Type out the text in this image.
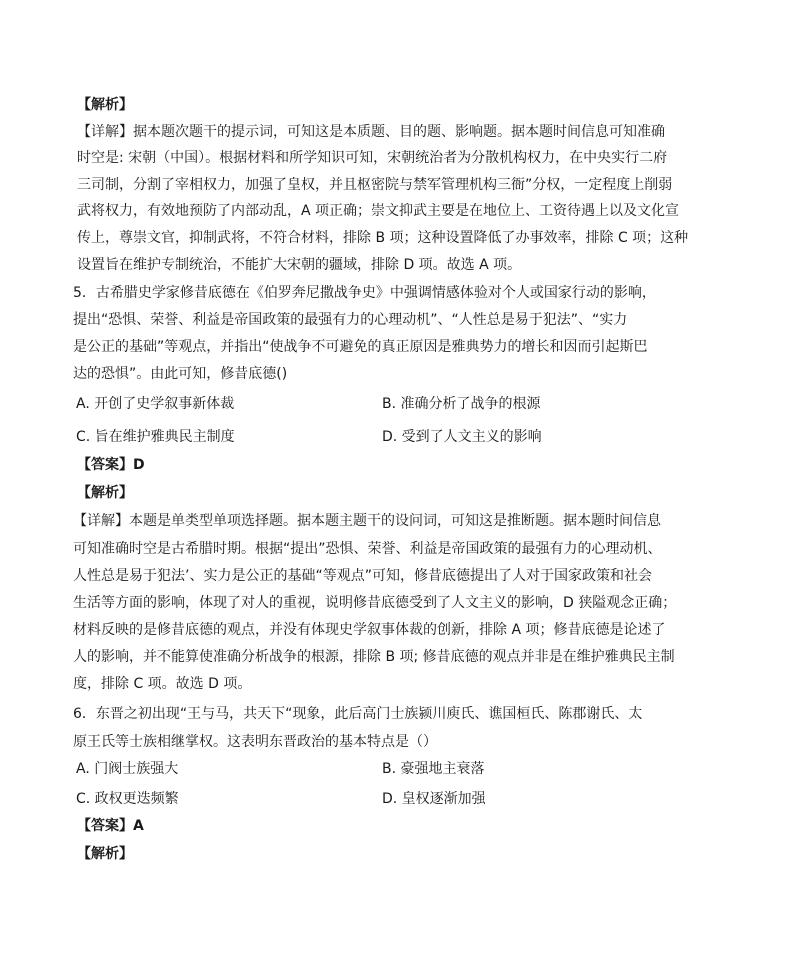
【解析】
【详解】据本题次题干的提示词，可知这是本质题、目的题、影响题。据本题时间信息可知准确
时空是: 宋朝（中国）。根据材料和所学知识可知，宋朝统治者为分散机构权力，在中央实行二府
三司制，分割了宰相权力，加强了皇权，并且枢密院与禁军管理机构三衙”分权，一定程度上削弱
武将权力，有效地预防了内部动乱，A 项正确；崇文抑武主要是在地位上、工资待遇上以及文化宣
传上，尊崇文官，抑制武将，不符合材料，排除 B 项；这种设置降低了办事效率，排除 C 项；这种
设置旨在维护专制统治，不能扩大宋朝的疆域，排除 D 项。故选 A 项。
5．古希腊史学家修昔底德在《伯罗奔尼撒战争史》中强调情感体验对个人或国家行动的影响，
提出“恐惧、荣誉、利益是帝国政策的最强有力的心理动机”、“人性总是易于犯法”、“实力
是公正的基础”等观点，并指出“使战争不可避免的真正原因是雅典势力的增长和因而引起斯巴
达的恐惧”。由此可知，修昔底德()
A. 开创了史学叙事新体裁	B. 准确分析了战争的根源
C. 旨在维护雅典民主制度	D. 受到了人文主义的影响
【答案】D
【解析】
【详解】本题是单类型单项选择题。据本题主题干的设问词，可知这是推断题。据本题时间信息
可知准确时空是古希腊时期。根据“提出”恐惧、荣誉、利益是帝国政策的最强有力的心理动机、
人性总是易于犯法’、实力是公正的基础“等观点”可知，修昔底德提出了人对于国家政策和社会
生活等方面的影响，体现了对人的重视，说明修昔底德受到了人文主义的影响，D 狭隘观念正确；
材料反映的是修昔底德的观点，并没有体现史学叙事体裁的创新，排除 A 项；修昔底德是论述了
人的影响，并不能算使准确分析战争的根源，排除 B 项; 修昔底德的观点并非是在维护雅典民主制
度，排除 C 项。故选 D 项。
6．东晋之初出现“王与马，共天下“现象，此后高门士族颍川庾氏、谯国桓氏、陈郡谢氏、太
原王氏等士族相继掌权。这表明东晋政治的基本特点是（）
A. 门阀士族强大	B. 豪强地主衰落
C. 政权更迭频繁	D. 皇权逐渐加强
【答案】A
【解析】
